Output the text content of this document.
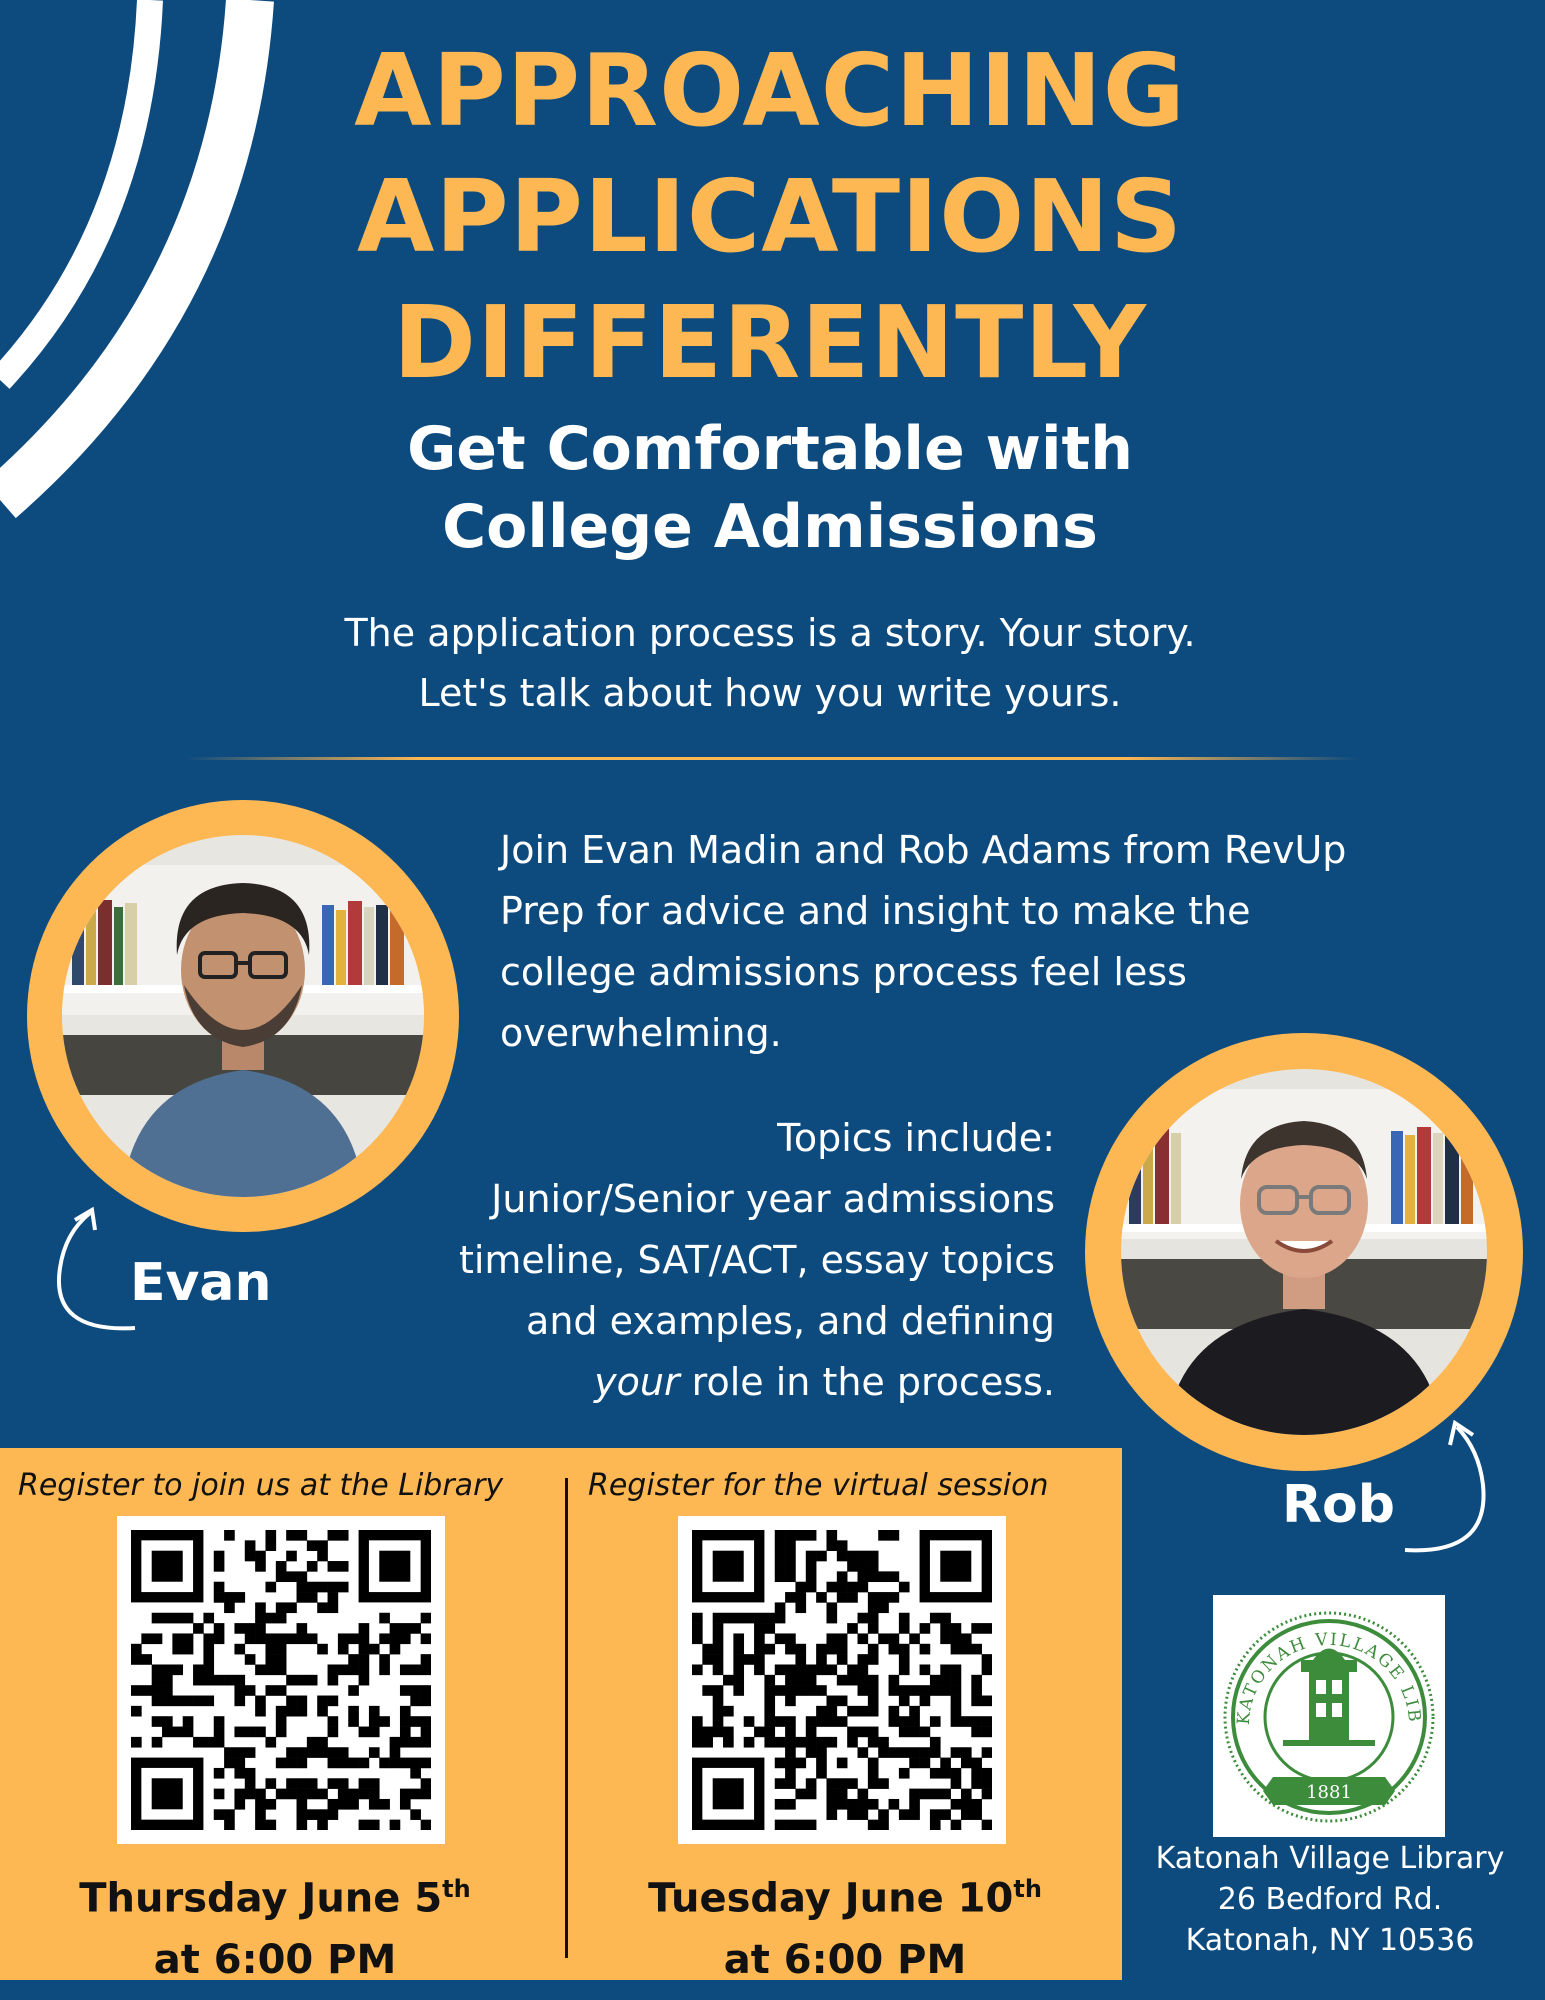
APPROACHING
APPLICATIONS
DIFFERENTLY
Get Comfortable with
College Admissions
The application process is a story. Your story.
Let's talk about how you write yours.
Evan
Join Evan Madin and Rob Adams from RevUp
Prep for advice and insight to make the
college admissions process feel less
overwhelming.
Topics include:
Junior/Senior year admissions
timeline, SAT/ACT, essay topics
and examples, and defining
your role in the process.
Rob
Register to join us at the Library	Register for the virtual session
Thursday June 5th
at 6:00 PM
Tuesday June 10th
at 6:00 PM
KATONAH VILLAGE LIB
1881
Katonah Village Library
26 Bedford Rd.
Katonah, NY 10536
